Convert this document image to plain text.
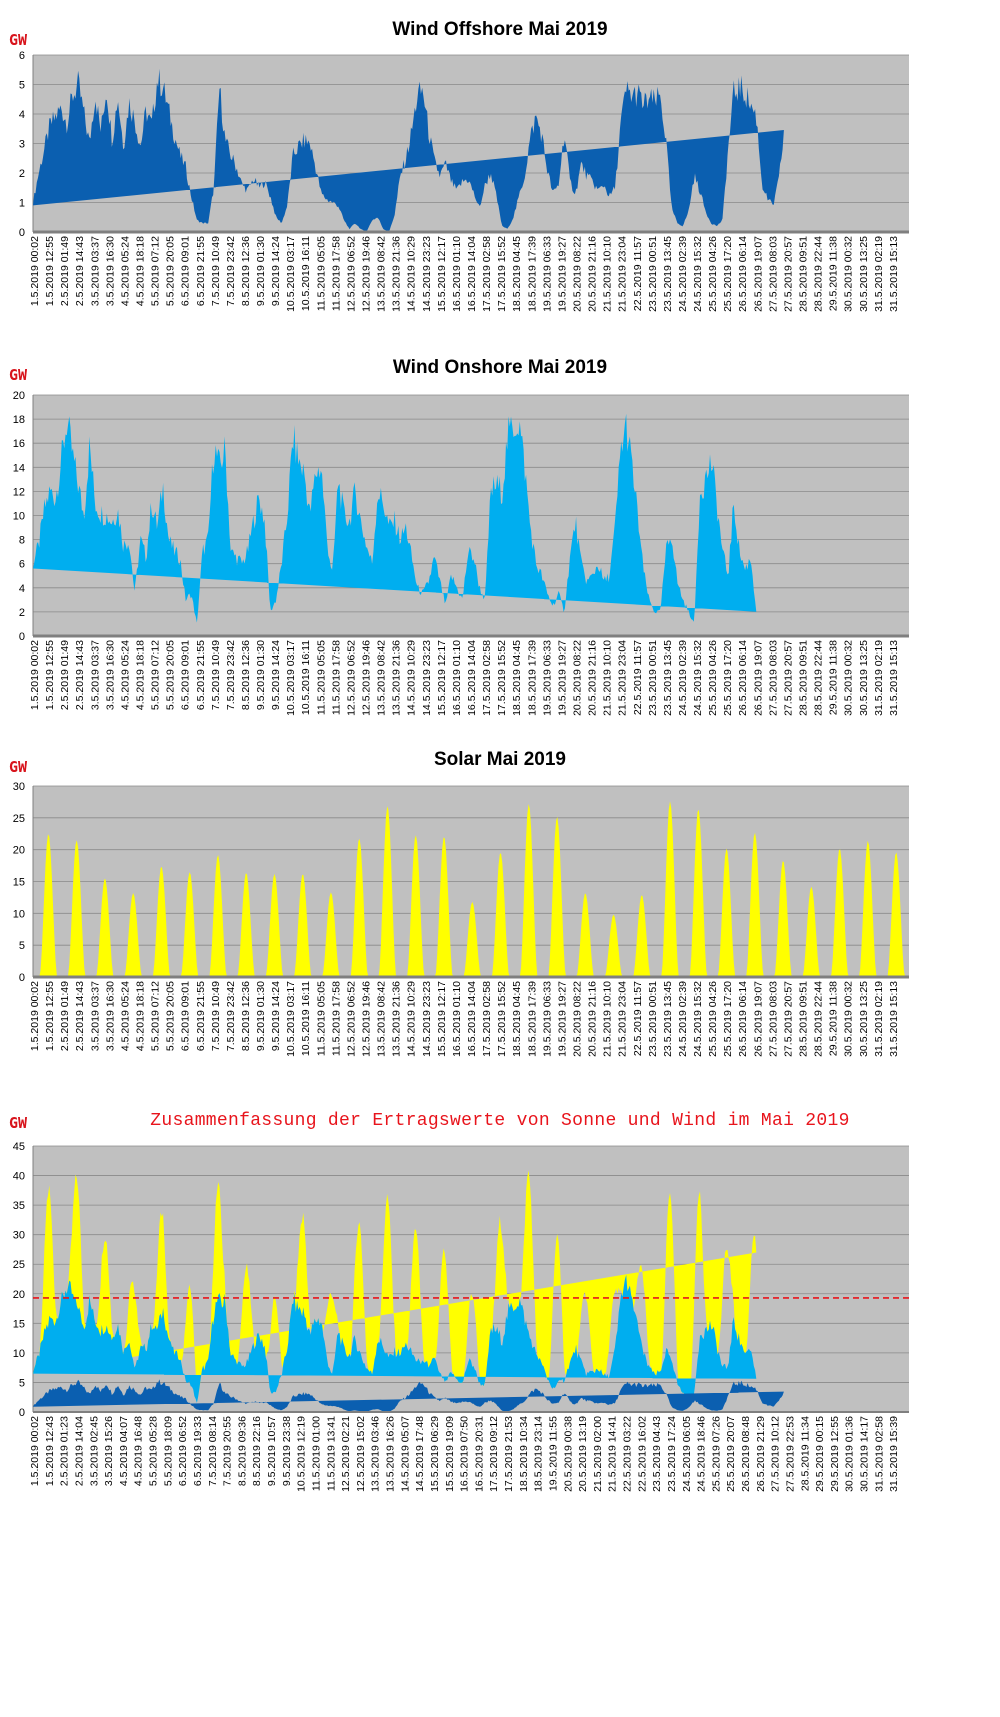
Wind Offshore Mai 2019
GW
0
1
2
3
4
5
6
1.5.2019 00:02 1.5.2019 12:55 2.5.2019 01:49 2.5.2019 14:43 3.5.2019 03:37 3.5.2019 16:30 4.5.2019 05:24 4.5.2019 18:18 5.5.2019 07:12 5.5.2019 20:05 6.5.2019 09:01 6.5.2019 21:55 7.5.2019 10:49 7.5.2019 23:42 8.5.2019 12:36 9.5.2019 01:30 9.5.2019 14:24 10.5.2019 03:17 10.5.2019 16:11 11.5.2019 05:05 11.5.2019 17:58 12.5.2019 06:52 12.5.2019 19:46 13.5.2019 08:42 13.5.2019 21:36 14.5.2019 10:29 14.5.2019 23:23 15.5.2019 12:17 16.5.2019 01:10 16.5.2019 14:04 17.5.2019 02:58 17.5.2019 15:52 18.5.2019 04:45 18.5.2019 17:39 19.5.2019 06:33 19.5.2019 19:27 20.5.2019 08:22 20.5.2019 21:16 21.5.2019 10:10 21.5.2019 23:04 22.5.2019 11:57 23.5.2019 00:51 23.5.2019 13:45 24.5.2019 02:39 24.5.2019 15:32 25.5.2019 04:26 25.5.2019 17:20 26.5.2019 06:14 26.5.2019 19:07 27.5.2019 08:03 27.5.2019 20:57 28.5.2019 09:51 28.5.2019 22:44 29.5.2019 11:38 30.5.2019 00:32 30.5.2019 13:25 31.5.2019 02:19 31.5.2019 15:13
Wind Onshore Mai 2019
GW
0
2
4
6
8
10
12
14
16
18
20
1.5.2019 00:02 1.5.2019 12:55 2.5.2019 01:49 2.5.2019 14:43 3.5.2019 03:37 3.5.2019 16:30 4.5.2019 05:24 4.5.2019 18:18 5.5.2019 07:12 5.5.2019 20:05 6.5.2019 09:01 6.5.2019 21:55 7.5.2019 10:49 7.5.2019 23:42 8.5.2019 12:36 9.5.2019 01:30 9.5.2019 14:24 10.5.2019 03:17 10.5.2019 16:11 11.5.2019 05:05 11.5.2019 17:58 12.5.2019 06:52 12.5.2019 19:46 13.5.2019 08:42 13.5.2019 21:36 14.5.2019 10:29 14.5.2019 23:23 15.5.2019 12:17 16.5.2019 01:10 16.5.2019 14:04 17.5.2019 02:58 17.5.2019 15:52 18.5.2019 04:45 18.5.2019 17:39 19.5.2019 06:33 19.5.2019 19:27 20.5.2019 08:22 20.5.2019 21:16 21.5.2019 10:10 21.5.2019 23:04 22.5.2019 11:57 23.5.2019 00:51 23.5.2019 13:45 24.5.2019 02:39 24.5.2019 15:32 25.5.2019 04:26 25.5.2019 17:20 26.5.2019 06:14 26.5.2019 19:07 27.5.2019 08:03 27.5.2019 20:57 28.5.2019 09:51 28.5.2019 22:44 29.5.2019 11:38 30.5.2019 00:32 30.5.2019 13:25 31.5.2019 02:19 31.5.2019 15:13
Solar Mai 2019
GW
0
5
10
15
20
25
30
1.5.2019 00:02 1.5.2019 12:55 2.5.2019 01:49 2.5.2019 14:43 3.5.2019 03:37 3.5.2019 16:30 4.5.2019 05:24 4.5.2019 18:18 5.5.2019 07:12 5.5.2019 20:05 6.5.2019 09:01 6.5.2019 21:55 7.5.2019 10:49 7.5.2019 23:42 8.5.2019 12:36 9.5.2019 01:30 9.5.2019 14:24 10.5.2019 03:17 10.5.2019 16:11 11.5.2019 05:05 11.5.2019 17:58 12.5.2019 06:52 12.5.2019 19:46 13.5.2019 08:42 13.5.2019 21:36 14.5.2019 10:29 14.5.2019 23:23 15.5.2019 12:17 16.5.2019 01:10 16.5.2019 14:04 17.5.2019 02:58 17.5.2019 15:52 18.5.2019 04:45 18.5.2019 17:39 19.5.2019 06:33 19.5.2019 19:27 20.5.2019 08:22 20.5.2019 21:16 21.5.2019 10:10 21.5.2019 23:04 22.5.2019 11:57 23.5.2019 00:51 23.5.2019 13:45 24.5.2019 02:39 24.5.2019 15:32 25.5.2019 04:26 25.5.2019 17:20 26.5.2019 06:14 26.5.2019 19:07 27.5.2019 08:03 27.5.2019 20:57 28.5.2019 09:51 28.5.2019 22:44 29.5.2019 11:38 30.5.2019 00:32 30.5.2019 13:25 31.5.2019 02:19 31.5.2019 15:13
Zusammenfassung der Ertragswerte von Sonne und Wind im Mai 2019
GW
0
5
10
15
20
25
30
35
40
45
1.5.2019 00:02 1.5.2019 12:43 2.5.2019 01:23 2.5.2019 14:04 3.5.2019 02:45 3.5.2019 15:26 4.5.2019 04:07 4.5.2019 16:48 5.5.2019 05:28 5.5.2019 18:09 6.5.2019 06:52 6.5.2019 19:33 7.5.2019 08:14 7.5.2019 20:55 8.5.2019 09:36 8.5.2019 22:16 9.5.2019 10:57 9.5.2019 23:38 10.5.2019 12:19 11.5.2019 01:00 11.5.2019 13:41 12.5.2019 02:21 12.5.2019 15:02 13.5.2019 03:46 13.5.2019 16:26 14.5.2019 05:07 14.5.2019 17:48 15.5.2019 06:29 15.5.2019 19:09 16.5.2019 07:50 16.5.2019 20:31 17.5.2019 09:12 17.5.2019 21:53 18.5.2019 10:34 18.5.2019 23:14 19.5.2019 11:55 20.5.2019 00:38 20.5.2019 13:19 21.5.2019 02:00 21.5.2019 14:41 22.5.2019 03:22 22.5.2019 16:02 23.5.2019 04:43 23.5.2019 17:24 24.5.2019 06:05 24.5.2019 18:46 25.5.2019 07:26 25.5.2019 20:07 26.5.2019 08:48 26.5.2019 21:29 27.5.2019 10:12 27.5.2019 22:53 28.5.2019 11:34 29.5.2019 00:15 29.5.2019 12:55 30.5.2019 01:36 30.5.2019 14:17 31.5.2019 02:58 31.5.2019 15:39
